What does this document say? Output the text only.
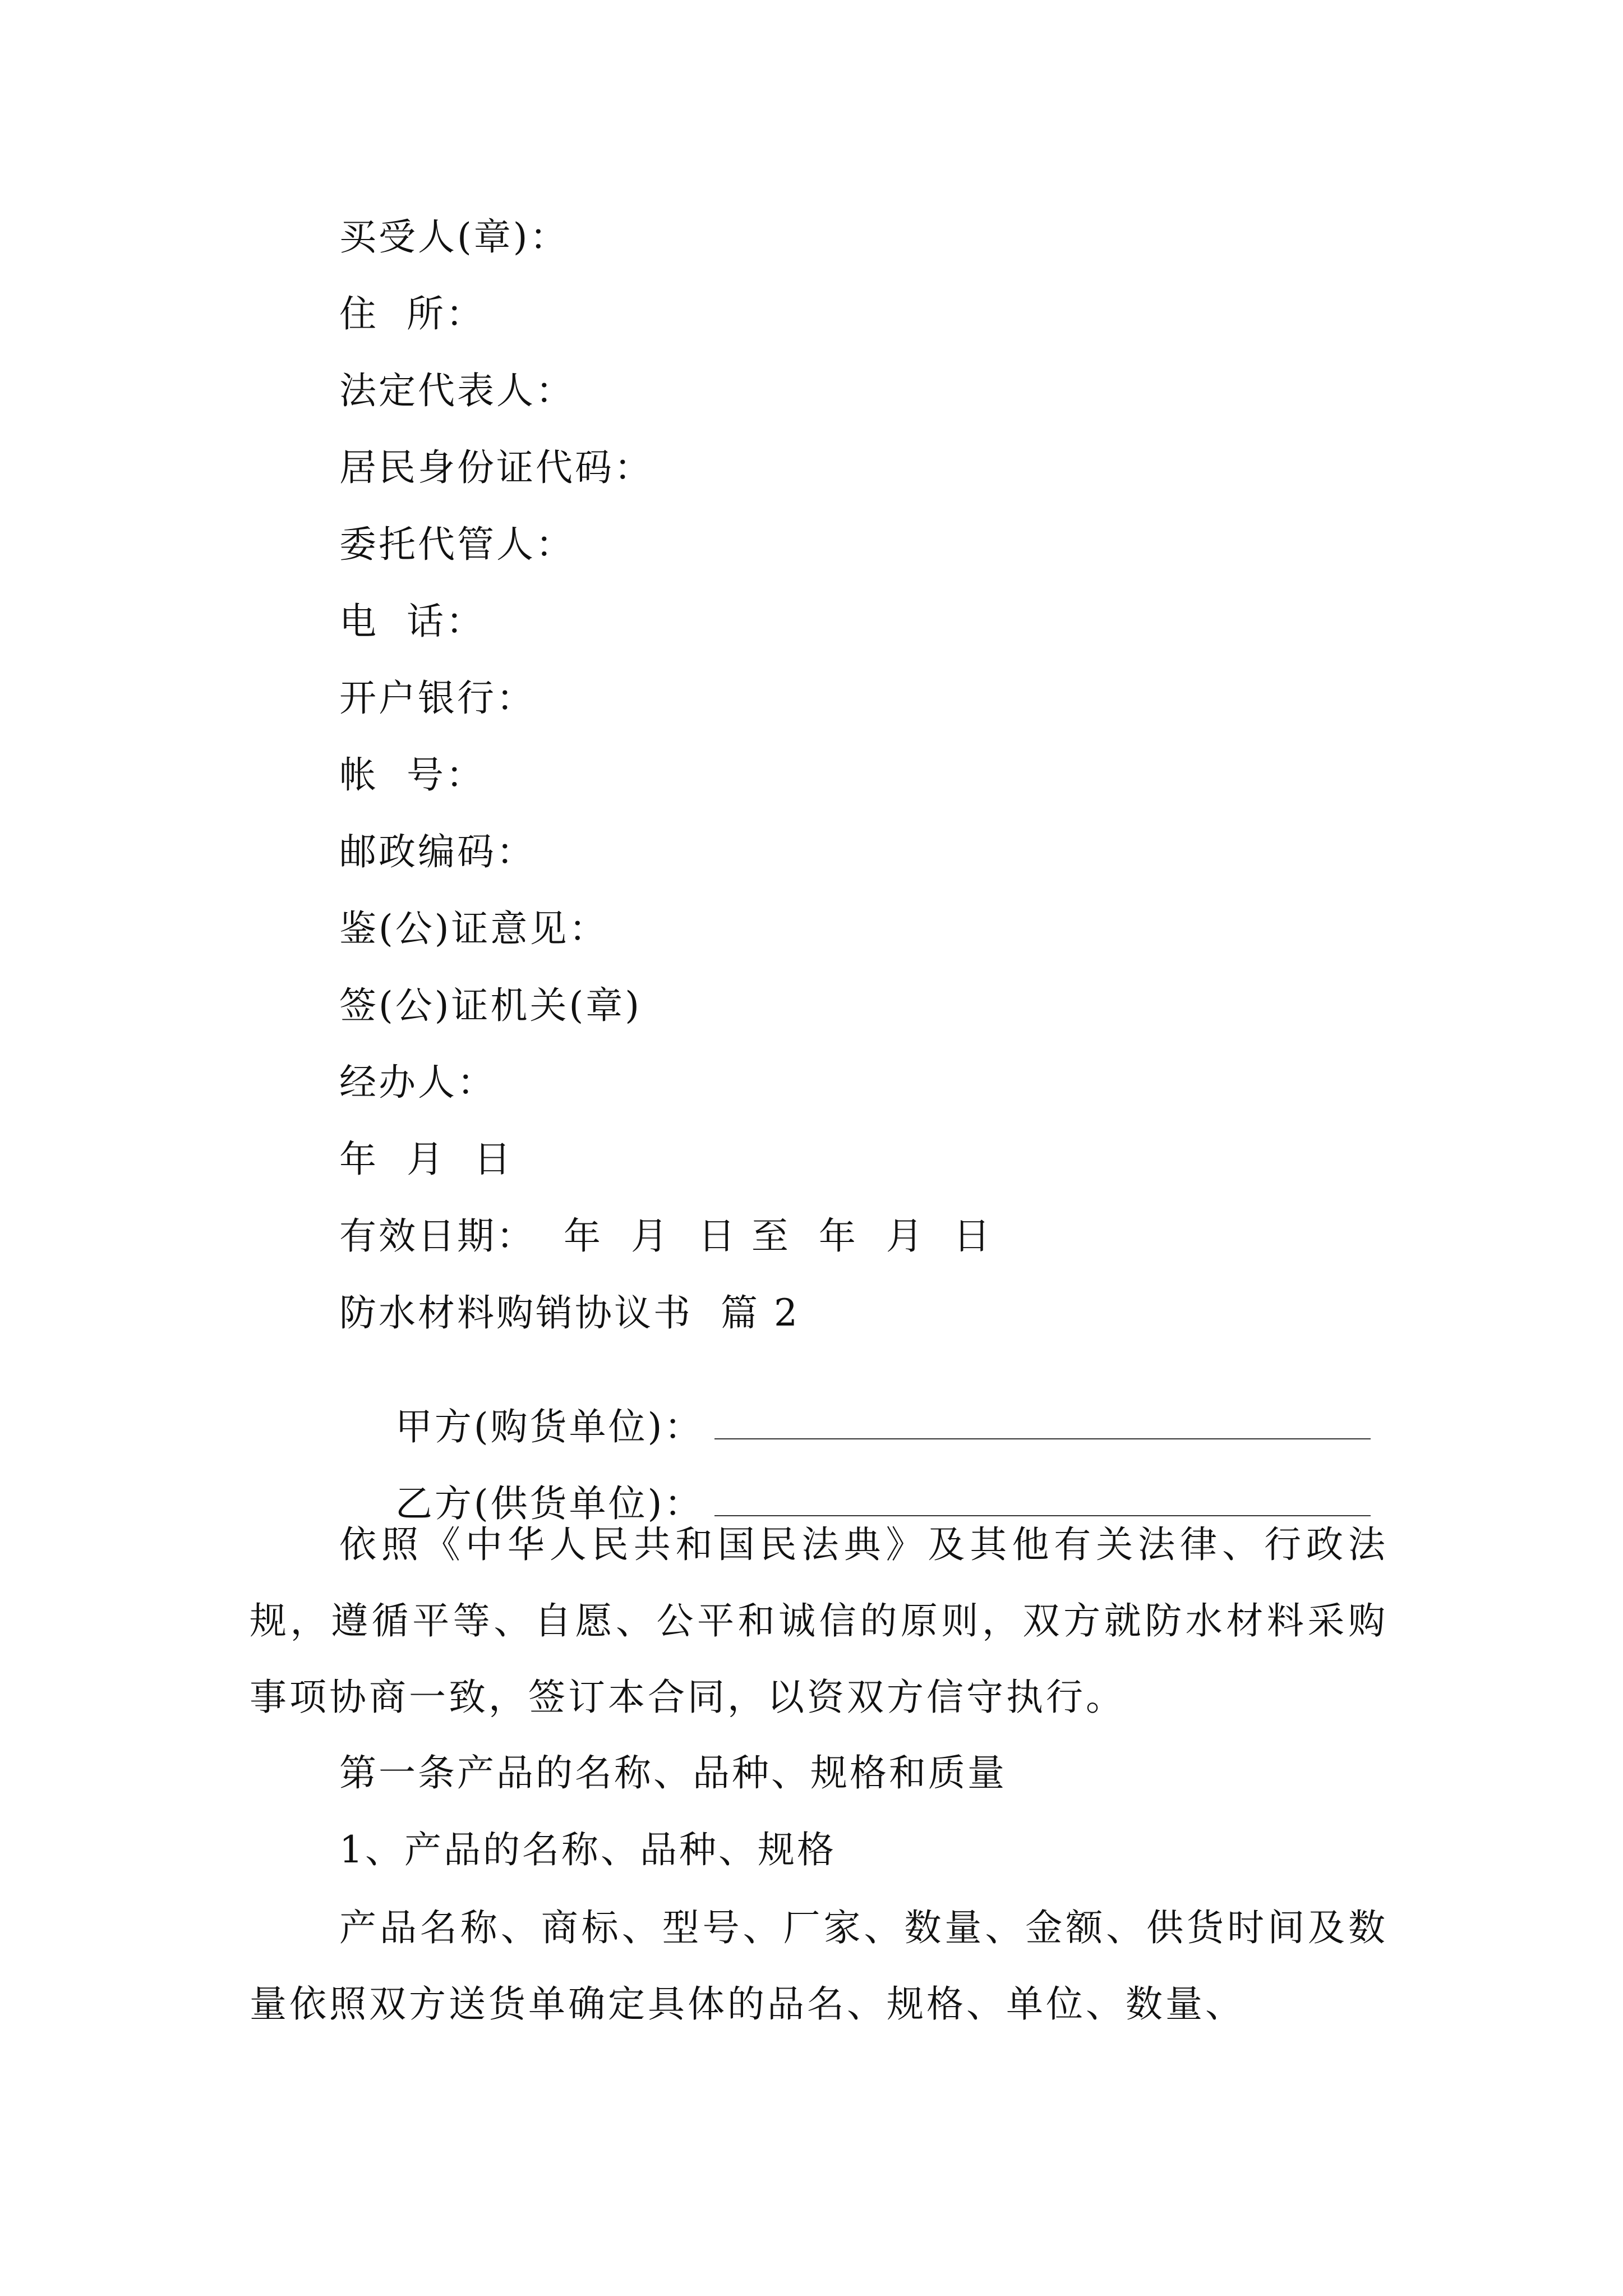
买受人(章)：
住  所：
法定代表人：
居民身份证代码：
委托代管人：
电  话：
开户银行：
帐  号：
邮政编码：
鉴(公)证意见：
签(公)证机关(章)
经办人：
年  月  日
有效日期：  年  月  日 至  年  月  日
防水材料购销协议书  篇 2

甲方(购货单位)：

乙方(供货单位)：

依照《中华人民共和国民法典》及其他有关法律、行政法规，遵循平等、自愿、公平和诚信的原则，双方就防水材料采购事项协商一致，签订本合同，以资双方信守执行。
第一条产品的名称、品种、规格和质量
1、产品的名称、品种、规格
产品名称、商标、型号、厂家、数量、金额、供货时间及数量依照双方送货单确定具体的品名、规格、单位、数量、
